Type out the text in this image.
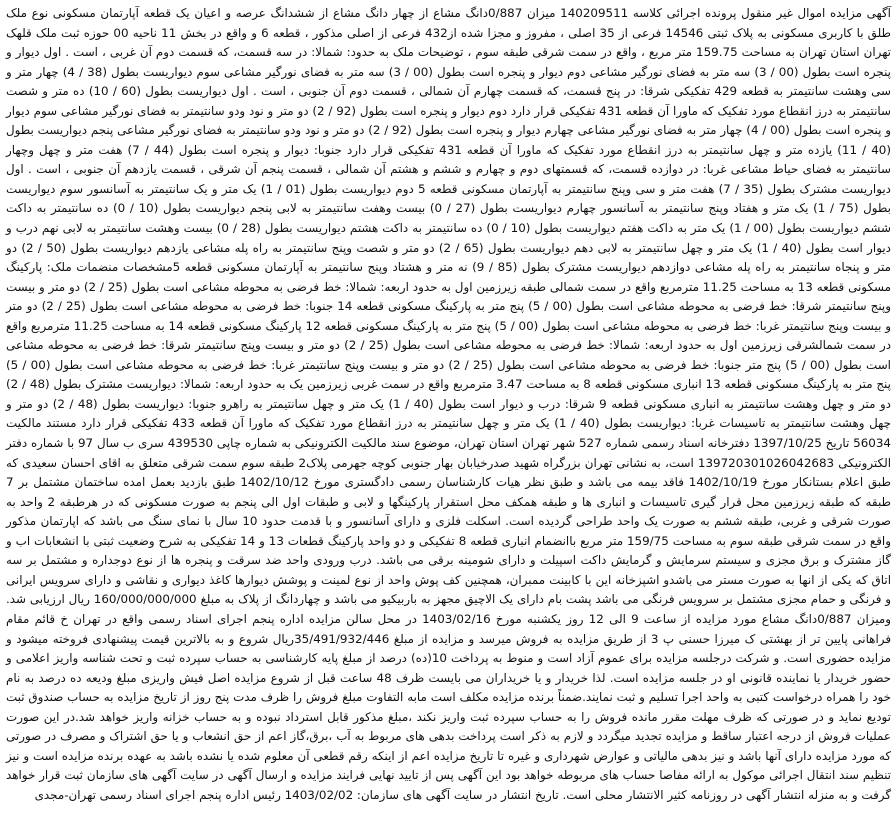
آگهی مزایده اموال غیر منقول پرونده اجرائی کلاسه 140209511 میزان 0/887دانگ مشاع از چهار دانگ مشاع از ششدانگ عرصه و اعیان یک قطعه آپارتمان مسکونی نوع ملک طلق با کاربری مسکونی به پلاک ثبتی 14546 فرعی از 35 اصلی ، مفروز و مجزا شده از432 فرعی از اصلی مذکور ، قطعه 6 و واقع در بخش 11 ناحیه 00 حوزه ثبت ملک قلهک تهران استان تهران به مساحت 159.75 متر مربع ، واقع در سمت شرقی طبقه سوم ، توضیحات ملک به حدود: شمالا: در سه قسمت، که قسمت دوم آن غربی ، است . اول دیوار و پنجره است بطول (00 / 3) سه متر به فضای نورگیر مشاعی دوم دیوار و پنجره است بطول (00 / 3) سه متر به فضای نورگیر مشاعی سوم دیواریست بطول (38 / 4) چهار متر و سی وهشت سانتیمتر به قطعه 429 تفکیکی شرقا: در پنج قسمت، که قسمت چهارم آن شمالی ، قسمت دوم آن جنوبی ، است . اول دیواریست بطول (60 / 10) ده متر و شصت سانتیمتر به درز انقطاع مورد تفکیک که ماورا آن قطعه 431 تفکیکی قرار دارد دوم دیوار و پنجره است بطول (92 / 2) دو متر و نود ودو سانتیمتر به فضای نورگیر مشاعی سوم دیوار و پنجره است بطول (00 / 4) چهار متر به فضای نورگیر مشاعی چهارم دیوار و پنجره است بطول (92 / 2) دو متر و نود ودو سانتیمتر به فضای نورگیر مشاعی پنجم دیواریست بطول (40 / 11) یازده متر و چهل سانتیمتر به درز انقطاع مورد تفکیک که ماورا آن قطعه 431 تفکیکی قرار دارد جنوبا: دیوار و پنجره است بطول (44 / 7) هفت متر و چهل وچهار سانتیمتر به فضای حیاط مشاعی غربا: در دوازده قسمت، که قسمتهای دوم و چهارم و ششم و هشتم آن شمالی ، قسمت پنجم آن شرقی ، قسمت یازدهم آن جنوبی ، است . اول دیواریست مشترک بطول (35 / 7) هفت متر و سی وپنج سانتیمتر به آپارتمان مسکونی قطعه 5 دوم دیواریست بطول (01 / 1) یک متر و یک سانتیمتر به آسانسور سوم دیواریست بطول (75 / 1) یک متر و هفتاد وپنج سانتیمتر به آسانسور چهارم دیواریست بطول (27 / 0) بیست وهفت سانتیمتر به لابی پنجم دیواریست بطول (10 / 0) ده سانتیمتر به داکت ششم دیواریست بطول (00 / 1) یک متر به داکت هفتم دیواریست بطول (10 / 0) ده سانتیمتر به داکت هشتم دیواریست بطول (28 / 0) بیست وهشت سانتیمتر به لابی نهم درب و دیوار است بطول (40 / 1) یک متر و چهل سانتیمتر به لابی دهم دیواریست بطول (65 / 2) دو متر و شصت وپنج سانتیمتر به راه پله مشاعی یازدهم دیواریست بطول (50 / 2) دو متر و پنجاه سانتیمتر به راه پله مشاعی دوازدهم دیواریست مشترک بطول (85 / 9) نه متر و هشتاد وپنج سانتیمتر به آپارتمان مسکونی قطعه 5مشخصات منضمات ملک: پارکینگ مسکونی قطعه 13 به مساحت 11.25 مترمربع واقع در سمت شمالی طبقه زیرزمین اول به حدود اربعه: شمالا: خط فرضی به محوطه مشاعی است بطول (25 / 2) دو متر و بیست وپنج سانتیمتر شرقا: خط فرضی به محوطه مشاعی است بطول (00 / 5) پنج متر به پارکینگ مسکونی قطعه 14 جنوبا: خط فرضی به محوطه مشاعی است بطول (25 / 2) دو متر و بیست وپنج سانتیمتر غربا: خط فرضی به محوطه مشاعی است بطول (00 / 5) پنج متر به پارکینگ مسکونی قطعه 12 پارکینگ مسکونی قطعه 14 به مساحت 11.25 مترمربع واقع در سمت شمالشرقی زیرزمین اول به حدود اربعه: شمالا: خط فرضی به محوطه مشاعی است بطول (25 / 2) دو متر و بیست وپنج سانتیمتر شرقا: خط فرضی به محوطه مشاعی است بطول (00 / 5) پنج متر جنوبا: خط فرضی به محوطه مشاعی است بطول (25 / 2) دو متر و بیست وپنج سانتیمتر غربا: خط فرضی به محوطه مشاعی است بطول (00 / 5) پنج متر به پارکینگ مسکونی قطعه 13 انباری مسکونی قطعه 8 به مساحت 3.47 مترمربع واقع در سمت غربی زیرزمین یک به حدود اربعه: شمالا: دیواریست مشترک بطول (48 / 2) دو متر و چهل وهشت سانتیمتر به انباری مسکونی قطعه 9 شرقا: درب و دیوار است بطول (40 / 1) یک متر و چهل سانتیمتر به راهرو جنوبا: دیواریست بطول (48 / 2) دو متر و چهل وهشت سانتیمتر به تاسیسات غربا: دیواریست بطول (40 / 1) یک متر و چهل سانتیمتر به درز انقطاع مورد تفکیک که ماورا آن قطعه 433 تفکیکی قرار دارد مستند مالکیت 56034 تاریخ 1397/10/25 دفترخانه اسناد رسمی شماره 527 شهر تهران استان تهران، موضوع سند مالکیت الکترونیکی به شماره چاپی 439530 سری ب سال 97 با شماره دفتر الکترونیکی 139720301026042683 است، به نشانی تهران بزرگراه شهید صدرخیابان بهار جنوبی کوچه جهرمی پلاک2 طبقه سوم سمت شرقی متعلق به اقای احسان سعیدی که طبق اعلام بستانکار مورخ 1402/10/19 فاقد بیمه می باشد و طبق نظر هیات کارشناسان رسمی دادگستری مورخ 1402/10/12 طبق بازدید بعمل امده ساختمان مشتمل بر 7 طبقه که طبقه زیرزمین محل قرار گیری تاسیسات و انباری ها و طبقه همکف محل استقرار پارکینگها و لابی و طبقات اول الی پنجم به صورت مسکونی که در هرطبقه 2 واحد به صورت شرقی و غربی، طبقه ششم به صورت یک واحد طراحی گردیده است. اسکلت فلزی و دارای آسانسور و با قدمت حدود 10 سال با نمای سنگ می باشد که اپارتمان مذکور واقع در سمت شرقی طبقه سوم به مساحت 159/75 متر مربع باانضمام انباری قطعه 8 تفکیکی و دو واحد پارکینگ قطعات 13 و 14 تفکیکی به شرح وضعیت ثبتی با انشعابات اب و گاز مشترک و برق مجزی و سیستم سرمایش و گرمایش داکت اسپیلت و دارای شومینه برقی می باشد. درب ورودی واحد ضد سرقت و پنجره ها از نوع دوجداره و مشتمل بر سه اتاق که یکی از انها به صورت مستر می باشدو اشپزخانه این با کابینت ممبران، همچنین کف پوش واحد از نوع لمینت و پوشش دیوارها کاغذ دیواری و نقاشی و دارای سرویس ایرانی و فرنگی و حمام مجزی مشتمل بر سرویس فرنگی می باشد پشت بام دارای یک الاچیق مجهز به باربیکیو می باشد و چهاردانگ از پلاک به مبلغ 160/000/000/000 ریال ارزیابی شد. وميزان 0/887دانگ مشاع مورد مزایده از ساعت 9 الی 12 روز یکشنبه مورخ 1403/02/16 در محل سالن مزایده اداره پنجم اجرای اسناد رسمی واقع در تهران خ قائم مقام فراهانی پایین تر از بهشتی ک میرزا حسنی پ 3 از طریق مزایده به فروش میرسد و مزایده از مبلغ 35/491/932/446ریال شروع و به بالاترین قیمت پیشنهادی فروخته میشود و مزایده حضوری است. و شرکت درجلسه مزایده برای عموم آزاد است و منوط به پرداخت 10(ده) درصد از مبلغ پایه کارشناسی به حساب سپرده ثبت و تحت شناسه واریز اعلامی و حضور خریدار یا نماینده قانونی او در جلسه مزایده است. لذا خریدار و یا خریداران می بایست ظرف 48 ساعت قبل از شروع مزایده اصل فیش واریزی مبلغ ودیعه ده درصد به نام خود را همراه درخواست کتبی به واحد اجرا تسلیم و ثبت نمایند.ضمناً برنده مزایده مکلف است مابه التفاوت مبلغ فروش را ظرف مدت پنج روز از تاریخ مزایده به حساب صندوق ثبت تودیع نماید و در صورتی که ظرف مهلت مقرر مانده فروش را به حساب سپرده ثبت واریز نکند ،مبلغ مذکور قابل استرداد نبوده و به حساب خزانه واریز خواهد شد.در این صورت عملیات فروش از درجه اعتبار ساقط و مزایده تجدید میگردد و لازم به ذکر است پرداخت بدهی های مربوط به آب ،برق،گاز اعم از حق انشعاب و یا حق اشتراک و مصرف در صورتی که مورد مزایده دارای آنها باشد و نیز بدهی مالیاتی و عوارض شهرداری و غیره تا تاریخ مزایده اعم از اینکه رقم قطعی آن معلوم شده یا نشده باشد به عهده برنده مزایده است و نیز تنظیم سند انتقال اجرائی موکول به ارائه مفاصا حساب های مربوطه خواهد بود این آگهی پس از تایید نهایی فرایند مزایده و ارسال آگهی در سایت آگهی های سازمان ثبت قرار خواهد گرفت و به منزله انتشار آگهی در روزنامه کثیر الانتشار محلی است. تاریخ انتشار در سایت آگهی های سازمان: 1403/02/02 رئیس اداره پنجم اجرای اسناد رسمی تهران-مجدی
